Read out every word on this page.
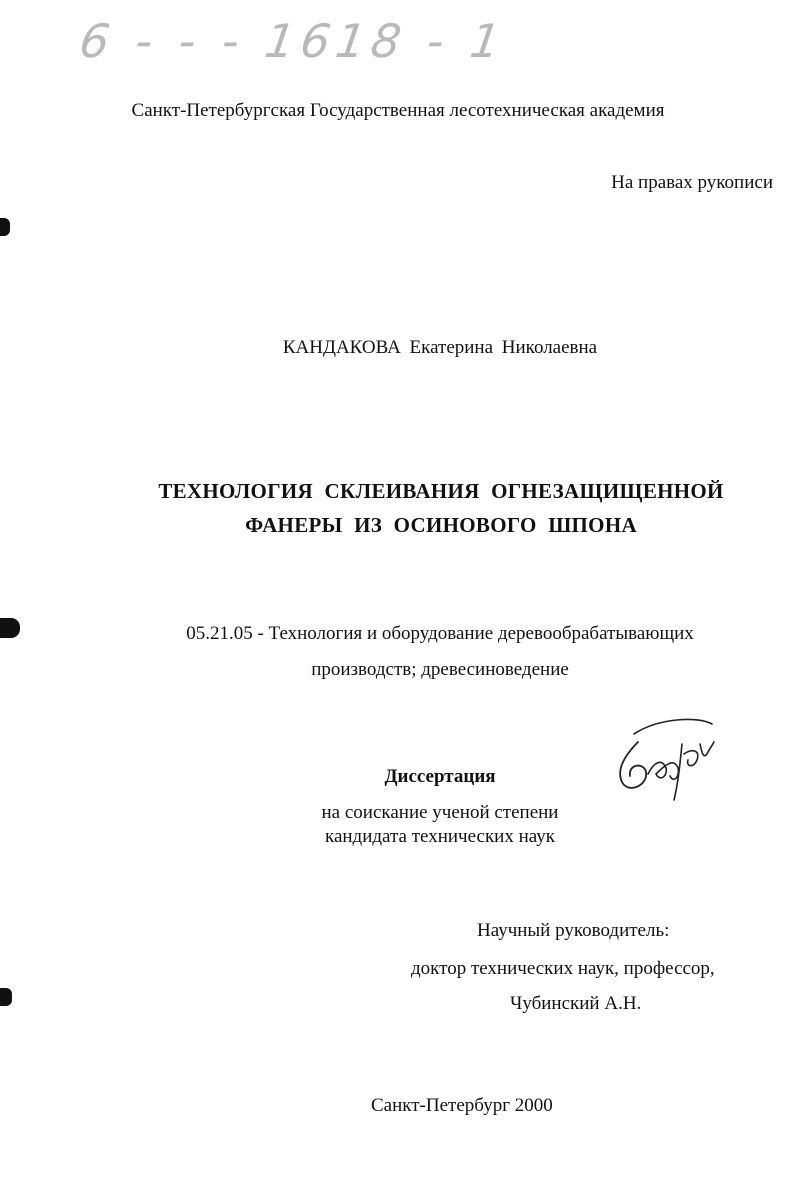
6 - - - 1618 - 1
Санкт-Петербургская Государственная лесотехническая академия
На правах рукописи
КАНДАКОВА Екатерина Николаевна
ТЕХНОЛОГИЯ СКЛЕИВАНИЯ ОГНЕЗАЩИЩЕННОЙ
ФАНЕРЫ ИЗ ОСИНОВОГО ШПОНА
05.21.05 - Технология и оборудование деревообрабатывающих
производств; древесиноведение
Диссертация
на соискание ученой степени
кандидата технических наук
Научный руководитель:
доктор технических наук, профессор,
Чубинский А.Н.
Санкт-Петербург 2000
